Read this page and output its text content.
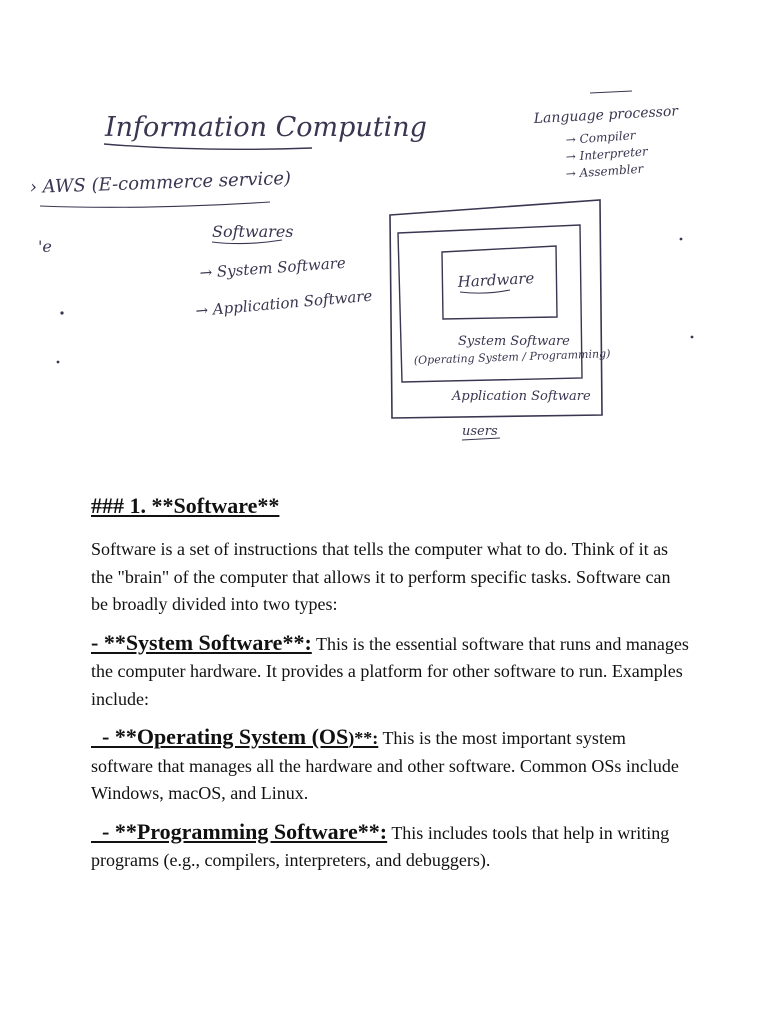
Information Computing
› AWS (E-commerce service)
'e
Softwares
→ System Software
→ Application Software
Language processor
→ Compiler
→ Interpreter
→ Assembler
Hardware
System Software
(Operating System / Programming)
Application Software
users
### 1. **Software**

Software is a set of instructions that tells the computer what to do. Think of it as the "brain" of the computer that allows it to perform specific tasks. Software can be broadly divided into two types:

- **System Software**: This is the essential software that runs and manages the computer hardware. It provides a platform for other software to run. Examples include:

- **Operating System (OS)**: This is the most important system software that manages all the hardware and other software. Common OSs include Windows, macOS, and Linux.

- **Programming Software**: This includes tools that help in writing programs (e.g., compilers, interpreters, and debuggers).
